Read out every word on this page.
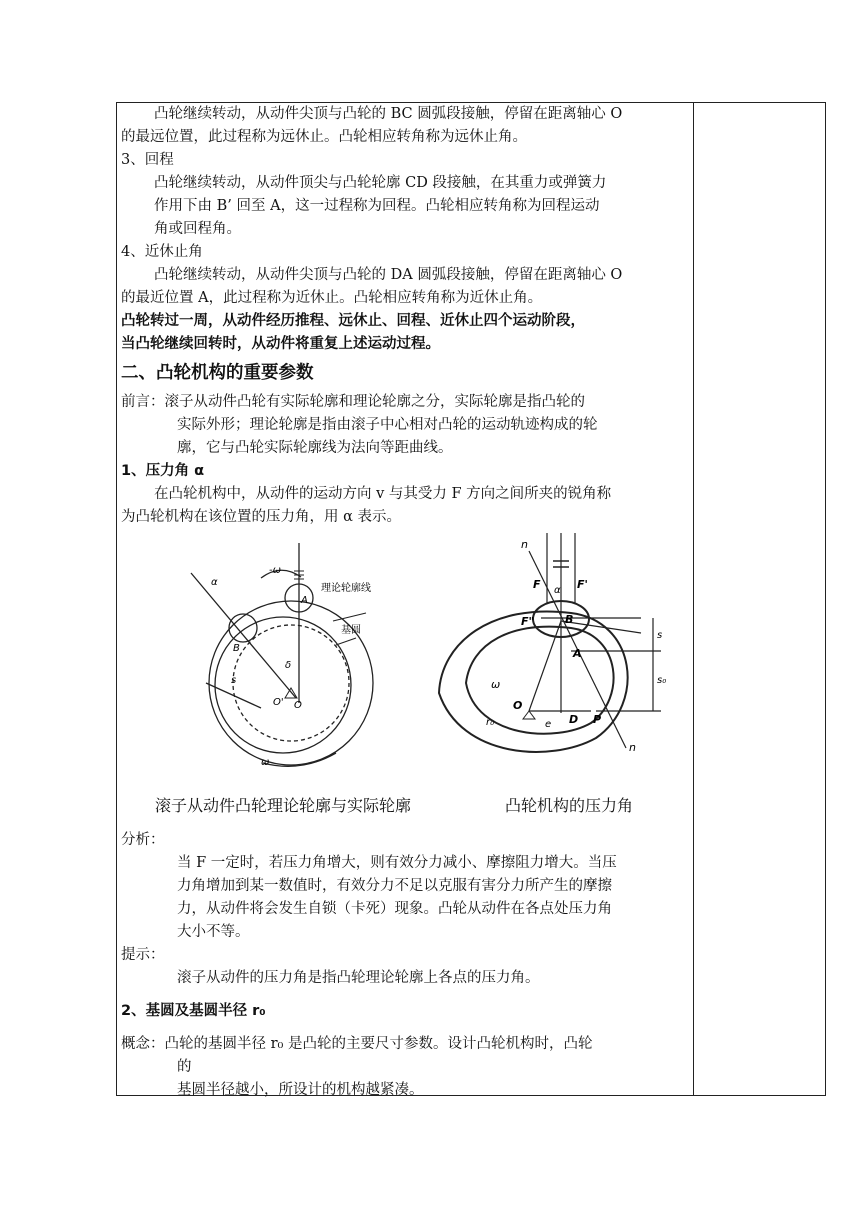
凸轮继续转动，从动件尖顶与凸轮的 BC 圆弧段接触，停留在距离轴心 O

的最远位置，此过程称为远休止。凸轮相应转角称为远休止角。

3、回程

凸轮继续转动，从动件顶尖与凸轮轮廓 CD 段接触，在其重力或弹簧力

作用下由 B’ 回至 A，这一过程称为回程。凸轮相应转角称为回程运动

角或回程角。

4、近休止角

凸轮继续转动，从动件尖顶与凸轮的 DA 圆弧段接触，停留在距离轴心 O

的最近位置 A，此过程称为近休止。凸轮相应转角称为近休止角。

凸轮转过一周，从动件经历推程、远休止、回程、近休止四个运动阶段，

当凸轮继续回转时，从动件将重复上述运动过程。

二、凸轮机构的重要参数

前言：滚子从动件凸轮有实际轮廓和理论轮廓之分，实际轮廓是指凸轮的

实际外形；理论轮廓是指由滚子中心相对凸轮的运动轨迹构成的轮

廓，它与凸轮实际轮廓线为法向等距曲线。

1、压力角 α

在凸轮机构中，从动件的运动方向 v 与其受力 F 方向之间所夹的锐角称

为凸轮机构在该位置的压力角，用 α 表示。

A
B
O
O'
δ
α
s
-ω
ω
理论轮廓线
基圆
n
n
F	F'
F"
α
B
A
O
D P
e
ω
r₀
s
s₀
滚子从动件凸轮理论轮廓与实际轮廓	凸轮机构的压力角

分析：

当 F 一定时，若压力角增大，则有效分力减小、摩擦阻力增大。当压

力角增加到某一数值时，有效分力不足以克服有害分力所产生的摩擦

力，从动件将会发生自锁（卡死）现象。凸轮从动件在各点处压力角

大小不等。

提示：

滚子从动件的压力角是指凸轮理论轮廓上各点的压力角。

2、基圆及基圆半径 r₀

概念：凸轮的基圆半径 r₀ 是凸轮的主要尺寸参数。设计凸轮机构时，凸轮

的

基圆半径越小，所设计的机构越紧凑。
